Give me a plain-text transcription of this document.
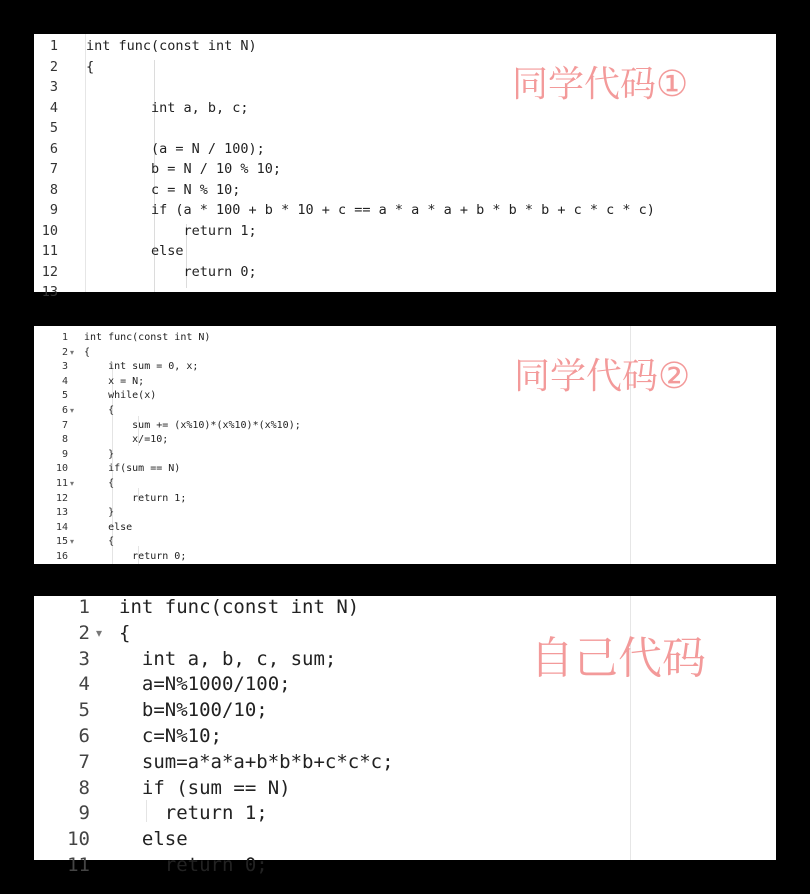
同学代码①
1 int func(const int N)
2 {
3
4 int a, b, c;
5
6 (a = N / 100);
7 b = N / 10 % 10;
8 c = N % 10;
9 if (a * 100 + b * 10 + c == a * a * a + b * b * b + c * c * c)
10 return 1;
11 else
12 return 0;
13
同学代码②
1 int func(const int N)
2 ▾ {
3 int sum = 0, x;
4 x = N;
5 while(x)
6 ▾ {
7 sum += (x%10)*(x%10)*(x%10);
8 x/=10;
9 }
10 if(sum == N)
11 ▾ {
12 return 1;
13 }
14 else
15 ▾ {
16 return 0;
自己代码
1 int func(const int N)
2 ▾ {
3 int a, b, c, sum;
4 a=N%1000/100;
5 b=N%100/10;
6 c=N%10;
7 sum=a*a*a+b*b*b+c*c*c;
8 if (sum == N)
9 return 1;
10 else
11 return 0;
